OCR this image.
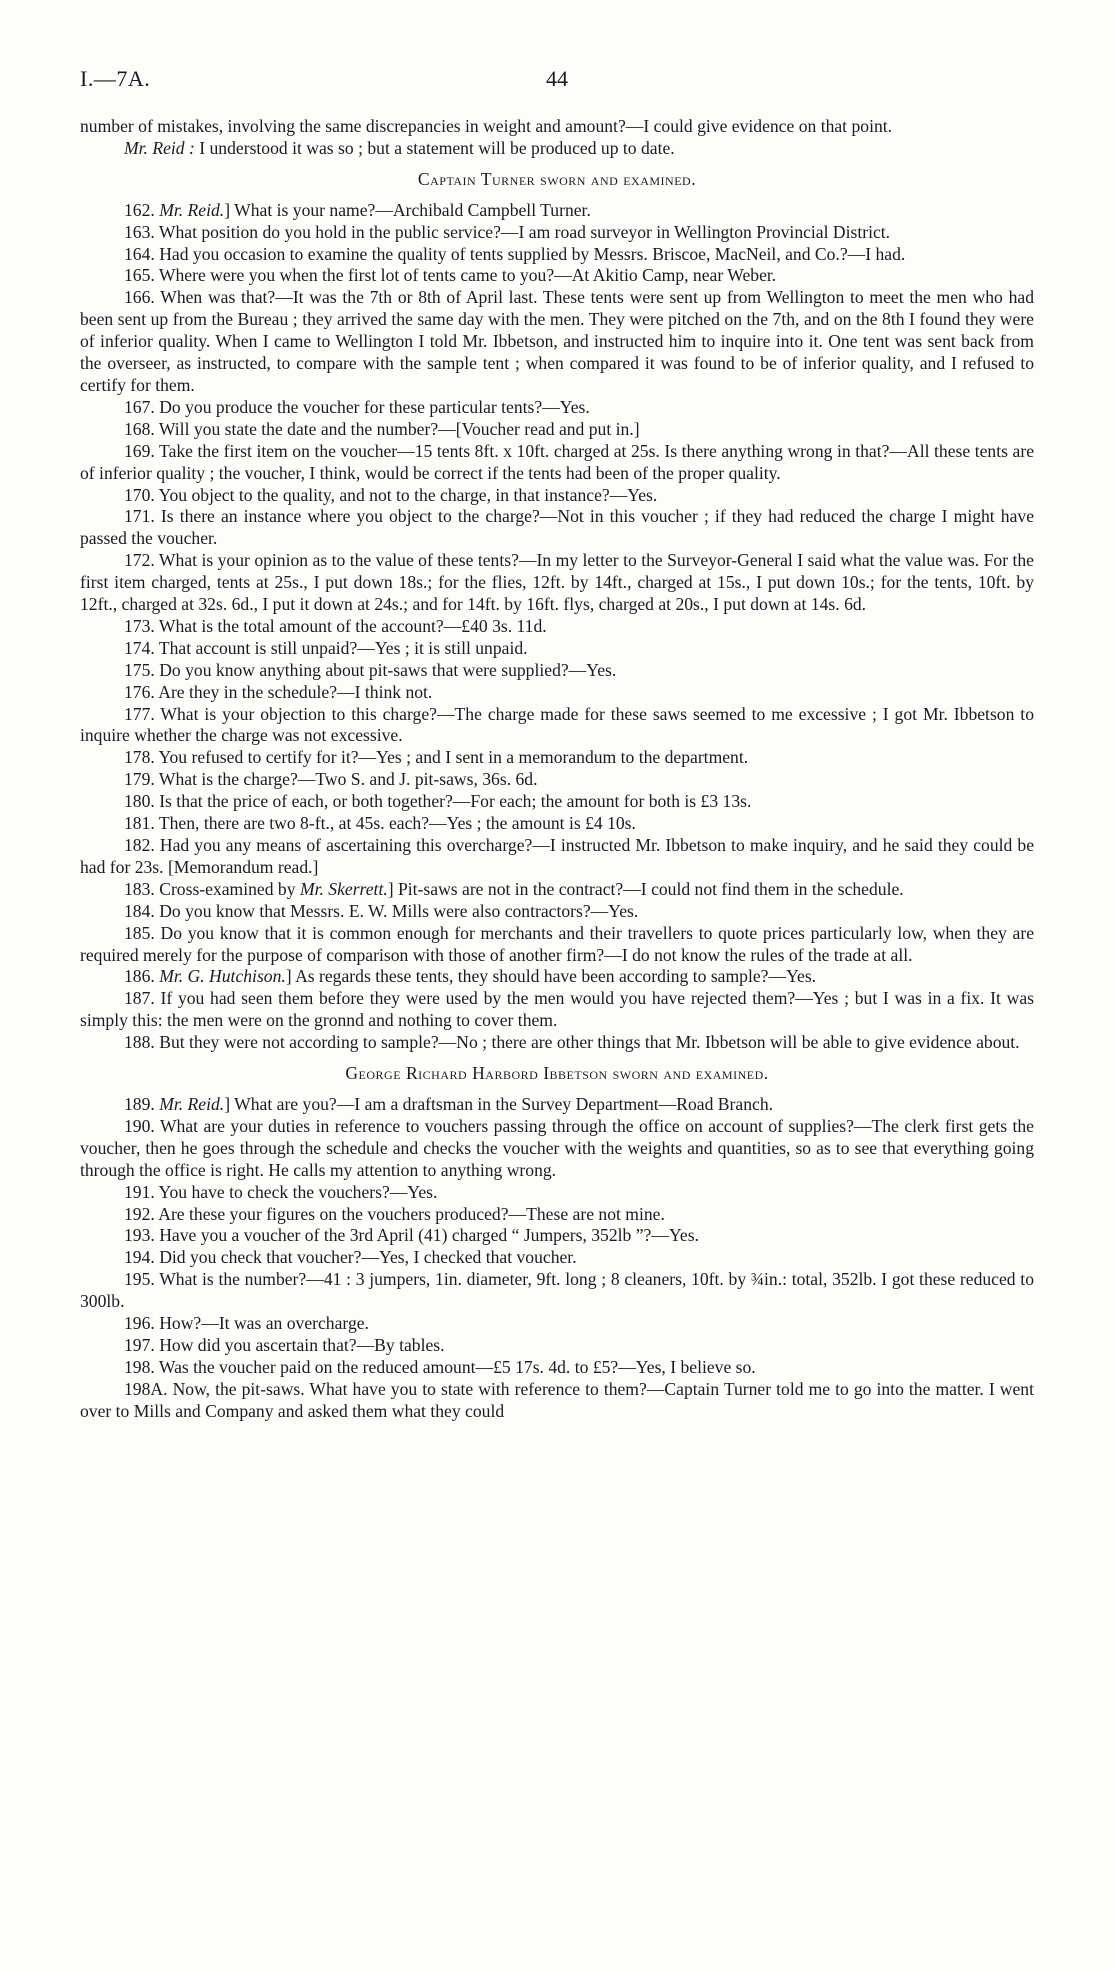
I.—7A.	44

number of mistakes, involving the same discrepancies in weight and amount?—I could give evidence on that point.

Mr. Reid : I understood it was so ; but a statement will be produced up to date.

Captain Turner sworn and examined.

162. Mr. Reid.] What is your name?—Archibald Campbell Turner.

163. What position do you hold in the public service?—I am road surveyor in Wellington Provincial District.

164. Had you occasion to examine the quality of tents supplied by Messrs. Briscoe, MacNeil, and Co.?—I had.

165. Where were you when the first lot of tents came to you?—At Akitio Camp, near Weber.

166. When was that?—It was the 7th or 8th of April last. These tents were sent up from Wellington to meet the men who had been sent up from the Bureau ; they arrived the same day with the men. They were pitched on the 7th, and on the 8th I found they were of inferior quality. When I came to Wellington I told Mr. Ibbetson, and instructed him to inquire into it. One tent was sent back from the overseer, as instructed, to compare with the sample tent ; when compared it was found to be of inferior quality, and I refused to certify for them.

167. Do you produce the voucher for these particular tents?—Yes.

168. Will you state the date and the number?—[Voucher read and put in.]

169. Take the first item on the voucher—15 tents 8ft. x 10ft. charged at 25s. Is there anything wrong in that?—All these tents are of inferior quality ; the voucher, I think, would be correct if the tents had been of the proper quality.

170. You object to the quality, and not to the charge, in that instance?—Yes.

171. Is there an instance where you object to the charge?—Not in this voucher ; if they had reduced the charge I might have passed the voucher.

172. What is your opinion as to the value of these tents?—In my letter to the Surveyor-General I said what the value was. For the first item charged, tents at 25s., I put down 18s.; for the flies, 12ft. by 14ft., charged at 15s., I put down 10s.; for the tents, 10ft. by 12ft., charged at 32s. 6d., I put it down at 24s.; and for 14ft. by 16ft. flys, charged at 20s., I put down at 14s. 6d.

173. What is the total amount of the account?—£40 3s. 11d.

174. That account is still unpaid?—Yes ; it is still unpaid.

175. Do you know anything about pit-saws that were supplied?—Yes.

176. Are they in the schedule?—I think not.

177. What is your objection to this charge?—The charge made for these saws seemed to me excessive ; I got Mr. Ibbetson to inquire whether the charge was not excessive.

178. You refused to certify for it?—Yes ; and I sent in a memorandum to the department.

179. What is the charge?—Two S. and J. pit-saws, 36s. 6d.

180. Is that the price of each, or both together?—For each; the amount for both is £3 13s.

181. Then, there are two 8-ft., at 45s. each?—Yes ; the amount is £4 10s.

182. Had you any means of ascertaining this overcharge?—I instructed Mr. Ibbetson to make inquiry, and he said they could be had for 23s. [Memorandum read.]

183. Cross-examined by Mr. Skerrett.] Pit-saws are not in the contract?—I could not find them in the schedule.

184. Do you know that Messrs. E. W. Mills were also contractors?—Yes.

185. Do you know that it is common enough for merchants and their travellers to quote prices particularly low, when they are required merely for the purpose of comparison with those of another firm?—I do not know the rules of the trade at all.

186. Mr. G. Hutchison.] As regards these tents, they should have been according to sample?—Yes.

187. If you had seen them before they were used by the men would you have rejected them?—Yes ; but I was in a fix. It was simply this: the men were on the gronnd and nothing to cover them.

188. But they were not according to sample?—No ; there are other things that Mr. Ibbetson will be able to give evidence about.

George Richard Harbord Ibbetson sworn and examined.

189. Mr. Reid.] What are you?—I am a draftsman in the Survey Department—Road Branch.

190. What are your duties in reference to vouchers passing through the office on account of supplies?—The clerk first gets the voucher, then he goes through the schedule and checks the voucher with the weights and quantities, so as to see that everything going through the office is right. He calls my attention to anything wrong.

191. You have to check the vouchers?—Yes.

192. Are these your figures on the vouchers produced?—These are not mine.

193. Have you a voucher of the 3rd April (41) charged “ Jumpers, 352lb ”?—Yes.

194. Did you check that voucher?—Yes, I checked that voucher.

195. What is the number?—41 : 3 jumpers, 1in. diameter, 9ft. long ; 8 cleaners, 10ft. by ¾in.: total, 352lb. I got these reduced to 300lb.

196. How?—It was an overcharge.

197. How did you ascertain that?—By tables.

198. Was the voucher paid on the reduced amount—£5 17s. 4d. to £5?—Yes, I believe so.

198A. Now, the pit-saws. What have you to state with reference to them?—Captain Turner told me to go into the matter. I went over to Mills and Company and asked them what they could
